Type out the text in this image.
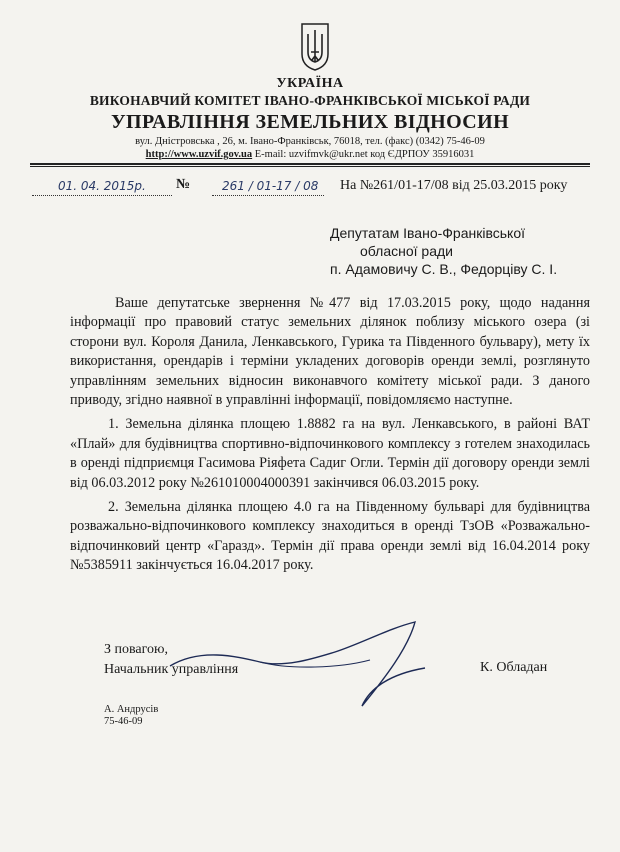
УКРАЇНА
ВИКОНАВЧИЙ КОМІТЕТ ІВАНО-ФРАНКІВСЬКОЇ МІСЬКОЇ РАДИ
УПРАВЛІННЯ ЗЕМЕЛЬНИХ ВІДНОСИН
вул. Дністровська , 26, м. Івано-Франківськ, 76018, тел. (факс) (0342) 75-46-09
http://www.uzvif.gov.ua E-mail: uzvifmvk@ukr.net код ЄДРПОУ 35916031
01. 04. 2015р. №	261 / 01-17 / 08 На №261/01-17/08 від 25.03.2015 року
Депутатам Івано-Франківської
обласної ради
п. Адамовичу С. В., Федорціву С. І.

Ваше депутатське звернення №477 від 17.03.2015 року, щодо надання інформації про правовий статус земельних ділянок поблизу міського озера (зі сторони вул. Короля Данила, Ленкавського, Гурика та Південного бульвару), мету їх використання, орендарів і терміни укладених договорів оренди землі, розглянуто управлінням земельних відносин виконавчого комітету міської ради. З даного приводу, згідно наявної в управлінні інформації, повідомляємо наступне.

1. Земельна ділянка площею 1.8882 га на вул. Ленкавського, в районі ВАТ «Плай» для будівництва спортивно-відпочинкового комплексу з готелем знаходилась в оренді підприємця Гасимова Ріяфета Садиг Огли. Термін дії договору оренди землі від 06.03.2012 року №261010004000391 закінчився 06.03.2015 року.

2. Земельна ділянка площею 4.0 га на Південному бульварі для будівництва розважально-відпочинкового комплексу знаходиться в оренді ТзОВ «Розважально-відпочинковий центр «Гаразд». Термін дії права оренди землі від 16.04.2014 року №5385911 закінчується 16.04.2017 року.

З повагою,
Начальник управління	К. Обладан
А. Андрусів
75-46-09
